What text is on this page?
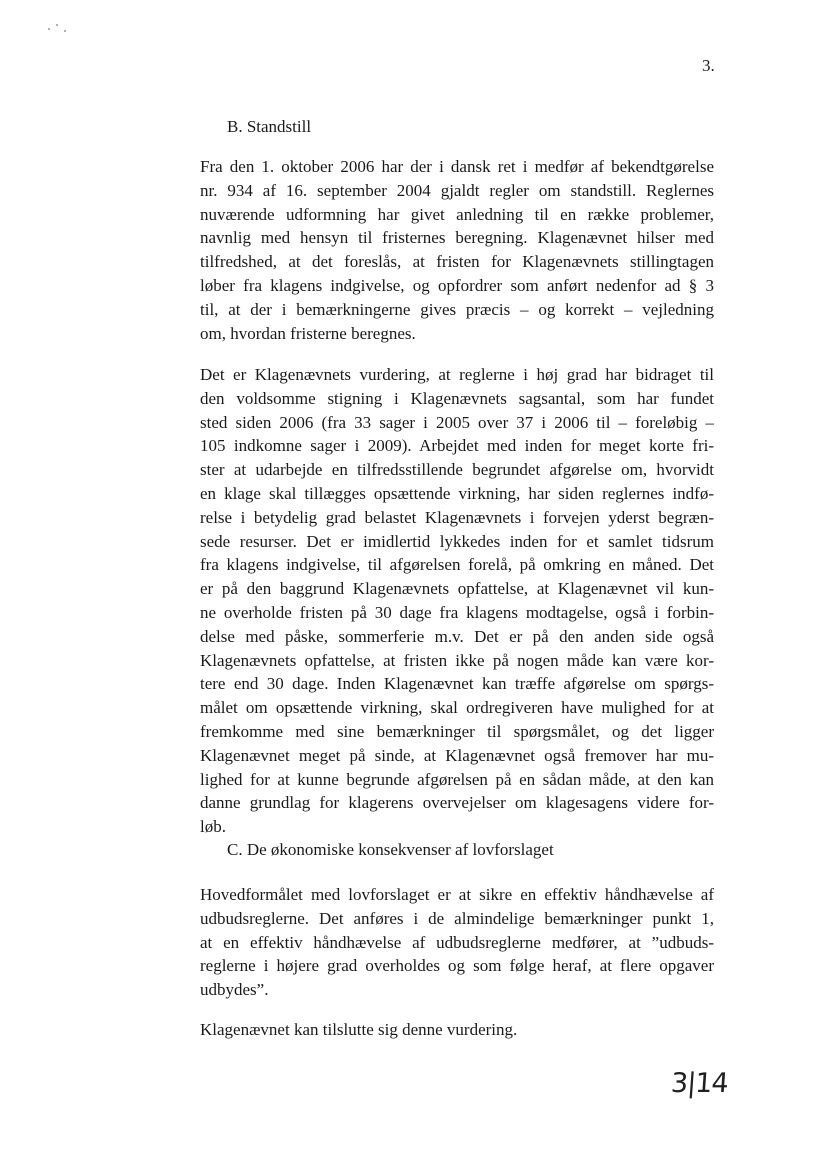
3.
B. Standstill
Fra den 1. oktober 2006 har der i dansk ret i medfør af bekendtgørelse
nr. 934 af 16. september 2004 gjaldt regler om standstill. Reglernes
nuværende udformning har givet anledning til en række problemer,
navnlig med hensyn til fristernes beregning. Klagenævnet hilser med
tilfredshed, at det foreslås, at fristen for Klagenævnets stillingtagen
løber fra klagens indgivelse, og opfordrer som anført nedenfor ad § 3
til, at der i bemærkningerne gives præcis – og korrekt – vejledning
om, hvordan fristerne beregnes.
Det er Klagenævnets vurdering, at reglerne i høj grad har bidraget til
den voldsomme stigning i Klagenævnets sagsantal, som har fundet
sted siden 2006 (fra 33 sager i 2005 over 37 i 2006 til – foreløbig –
105 indkomne sager i 2009). Arbejdet med inden for meget korte fri-
ster at udarbejde en tilfredsstillende begrundet afgørelse om, hvorvidt
en klage skal tillægges opsættende virkning, har siden reglernes indfø-
relse i betydelig grad belastet Klagenævnets i forvejen yderst begræn-
sede resurser. Det er imidlertid lykkedes inden for et samlet tidsrum
fra klagens indgivelse, til afgørelsen forelå, på omkring en måned. Det
er på den baggrund Klagenævnets opfattelse, at Klagenævnet vil kun-
ne overholde fristen på 30 dage fra klagens modtagelse, også i forbin-
delse med påske, sommerferie m.v. Det er på den anden side også
Klagenævnets opfattelse, at fristen ikke på nogen måde kan være kor-
tere end 30 dage. Inden Klagenævnet kan træffe afgørelse om spørgs-
målet om opsættende virkning, skal ordregiveren have mulighed for at
fremkomme med sine bemærkninger til spørgsmålet, og det ligger
Klagenævnet meget på sinde, at Klagenævnet også fremover har mu-
lighed for at kunne begrunde afgørelsen på en sådan måde, at den kan
danne grundlag for klagerens overvejelser om klagesagens videre for-
løb.
C. De økonomiske konsekvenser af lovforslaget
Hovedformålet med lovforslaget er at sikre en effektiv håndhævelse af
udbudsreglerne. Det anføres i de almindelige bemærkninger punkt 1,
at en effektiv håndhævelse af udbudsreglerne medfører, at ”udbuds-
reglerne i højere grad overholdes og som følge heraf, at flere opgaver
udbydes”.
Klagenævnet kan tilslutte sig denne vurdering.
3|14
